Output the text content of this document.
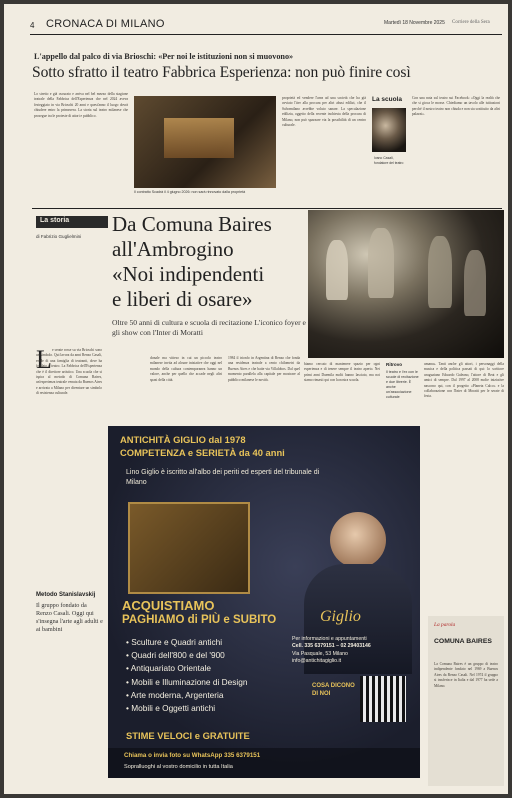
4 CRONACA DI MILANO	Martedì 18 Novembre 2025 Corriere della Sera
L'appello dal palco di via Brioschi: «Per noi le istituzioni non si muovono»
Sotto sfratto il teatro Fabbrica Esperienza: non può finire così
Lo stretto e già oscurato e arriva nel bel mezzo della stagione teatrale della Fabbrica dell'Esperienza che nel 2024 aveva festeggiato in via Brioschi 20 anni e quest'anno il luogo dovrà chiudere entro la primavera. La storia sul teatro milanese che prosegue tra le proteste di attori e pubblico.
Il contratto Scadrà il 4 giugno 2026: non sarà rinnovato dalla proprietà
proprietà ed vendere l'area ad una società che ha già avviato l'iter alla procura per altri abusi edilizi, che il Salvamilano avrebbe voluto sanare. La speculazione edilizia, oggetto della recente inchiesta della procura di Milano, non può spazzare via la possibilità di un centro culturale.
La scuola
Ivano Casali, fondatore del teatro
Con una nota sul teatro sui Facebook: «Oggi la realtà che che si gioca le mosse. Chiediamo un tavolo alle istituzioni perché il nostro teatro non chiuda e non sia sostituito da altri palazzi».
La storia
di Fabrizio Guglielmini
Da Comuna Baires
all'Ambrogino
«Noi indipendenti
e liberi di osare»
Oltre 50 anni di cultura e scuola di recitazione L'iconico foyer e gli show con l'Inter di Moratti
L e serate rosse su via Brioschi sono un simbolo. Qui lavora da anni Renzo Casali, erede di una famiglia di teatranti, dove ha fondato il teatro. La Fabbrica dell'Esperienza che è il direttore artistico. Una scuola che si ispira al metodo di Comuna Baires, un'esperienza teatrale venuta da Buenos Aires e arrivata a Milano per diventare un simbolo di resistenza culturale.
Metodo Stanislavskij
Il gruppo fondato da Renzo Casali. Oggi qui s'insegna l'arte agli adulti e ai bambini
donale ma vitteso in cui un piccolo teatro milanese invita ad alcune iniziative che oggi nel mondo della cultura contemporanea hanno un valore, anche per quello che accade negli altri spazi della città.
1984 il trionfo in Argentina di Renzo che fonda una residenza teatrale a cento chilometri da Buenos Aires e che batte via Villalobos. Dal quel momento parallela alla capitale per mostrare al pubblico milanese le novità.
biamo cercato di mantenere spazio per ogni esperienza e di tenere sempre il teatro aperto. Nei primi anni Duemila molti hanno lasciato, ma noi siamo rimasti qui con la nostra scuola.
Ritrovo
Il teatro e l'ex con le scuole di recitazione e due librerie. È anche un'associazione culturale
umana». Tanti anche gli attori, i personaggi della musica e della politica passati di qui: lo scrittore uruguaiano Eduardo Galeano, l'attore di Beat e gli amici di sempre. Dal 1997 al 2008 molte iniziative nascono qui, con il progetto «Planeta Calco» e la collaborazione con l'Inter di Moratti per le serate di festa.
ANTICHITÀ GIGLIO dal 1978
COMPETENZA e SERIETÀ da 40 anni
Lino Giglio è iscritto all'albo dei periti ed esperti del tribunale di Milano
ACQUISTIAMO
PAGHIAMO di PIÙ e SUBITO
• Sculture e Quadri antichi
• Quadri dell'800 e del '900
• Antiquariato Orientale
• Mobili e Illuminazione di Design
• Arte moderna, Argenteria
• Mobili e Oggetti antichi
STIME VELOCI e GRATUITE
Giglio
Per informazioni e appuntamenti
Cell. 335 6379151 – 02 29403146
Via Pasquale, 53 Milano
info@antichitagiglio.it
COSA DICONO DI NOI
Chiama o invia foto su WhatsApp 335 6379151
Sopralluoghi al vostro domicilio in tutta Italia
La parola
COMUNA BAIRES
La Comuna Baires è un gruppo di teatro indipendente fondato nel 1969 a Buenos Aires da Renzo Casali. Nel 1974 il gruppo si trasferisce in Italia e dal 1977 ha sede a Milano.
